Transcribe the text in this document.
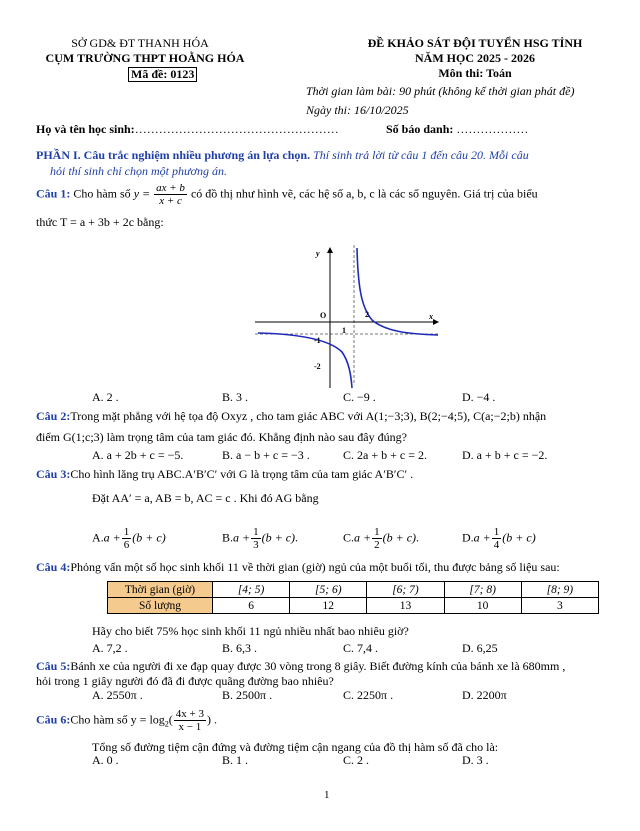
SỞ GD& ĐT THANH HÓA
CỤM TRƯỜNG THPT HOẰNG HÓA
Mã đề: 0123
ĐỀ KHẢO SÁT ĐỘI TUYỂN HSG TỈNH
NĂM HỌC 2025 - 2026
Môn thi: Toán
Thời gian làm bài: 90 phút (không kể thời gian phát đề)
Ngày thi: 16/10/2025
Họ và tên học sinh:……………………………………………	Số báo danh: ………………
PHẦN I. Câu trắc nghiệm nhiều phương án lựa chọn. Thí sinh trả lời từ câu 1 đến câu 20. Mỗi câu
hỏi thí sinh chỉ chọn một phương án.
Câu 1: Cho hàm số $y = \frac{ax + b}{x + c}$ có đồ thị như hình vẽ, các hệ số a, b, c là các số nguyên. Giá trị của biểu
thức T = a + 3b + 2c bằng:
y
x
O	2
1
-1
-2
A. 2 .	B. 3 .	C. −9 .	D. −4 .
Câu 2:Trong mặt phẳng với hệ tọa độ Oxyz , cho tam giác ABC với A(1;−3;3), B(2;−4;5), C(a;−2;b) nhận
điểm G(1;c;3) làm trọng tâm của tam giác đó. Khẳng định nào sau đây đúng?
A. a + 2b + c = −5.	B. a − b + c = −3 .	C. 2a + b + c = 2.	D. a + b + c = −2.
Câu 3:Cho hình lăng trụ ABC.A′B′C′ với G là trọng tâm của tam giác A′B′C′ .
Đặt AA′ = a, AB = b, AC = c . Khi đó AG bằng
$A.a + \frac{1}{6} (b + c)$	$B.a + \frac{1}{3} (b + c)$.	$C.a + \frac{1}{2} (b + c)$.	$D.a + \frac{1}{4} (b + c)$
Câu 4:Phỏng vấn một số học sinh khối 11 về thời gian (giờ) ngủ của một buổi tối, thu được bảng số liệu sau:
Thời gian (giờ)	[4; 5)	[5; 6)	[6; 7)	[7; 8)	[8; 9)
Số lượng	6	12	13	10	3
Hãy cho biết 75% học sinh khối 11 ngủ nhiều nhất bao nhiêu giờ?
A. 7,2 .	B. 6,3 .	C. 7,4 .	D. 6,25
Câu 5:Bánh xe của người đi xe đạp quay được 30 vòng trong 8 giây. Biết đường kính của bánh xe là 680mm ,
hỏi trong 1 giây người đó đã đi được quãng đường bao nhiêu?
A. 2550π .	B. 2500π .	C. 2250π .	D. 2200π
Câu 6:Cho hàm số $y = \log_2( \frac{4x + 3}{x - 1}$ ) .
Tổng số đường tiệm cận đứng và đường tiệm cận ngang của đồ thị hàm số đã cho là:
A. 0 .	B. 1 .	C. 2 .	D. 3 .
1
